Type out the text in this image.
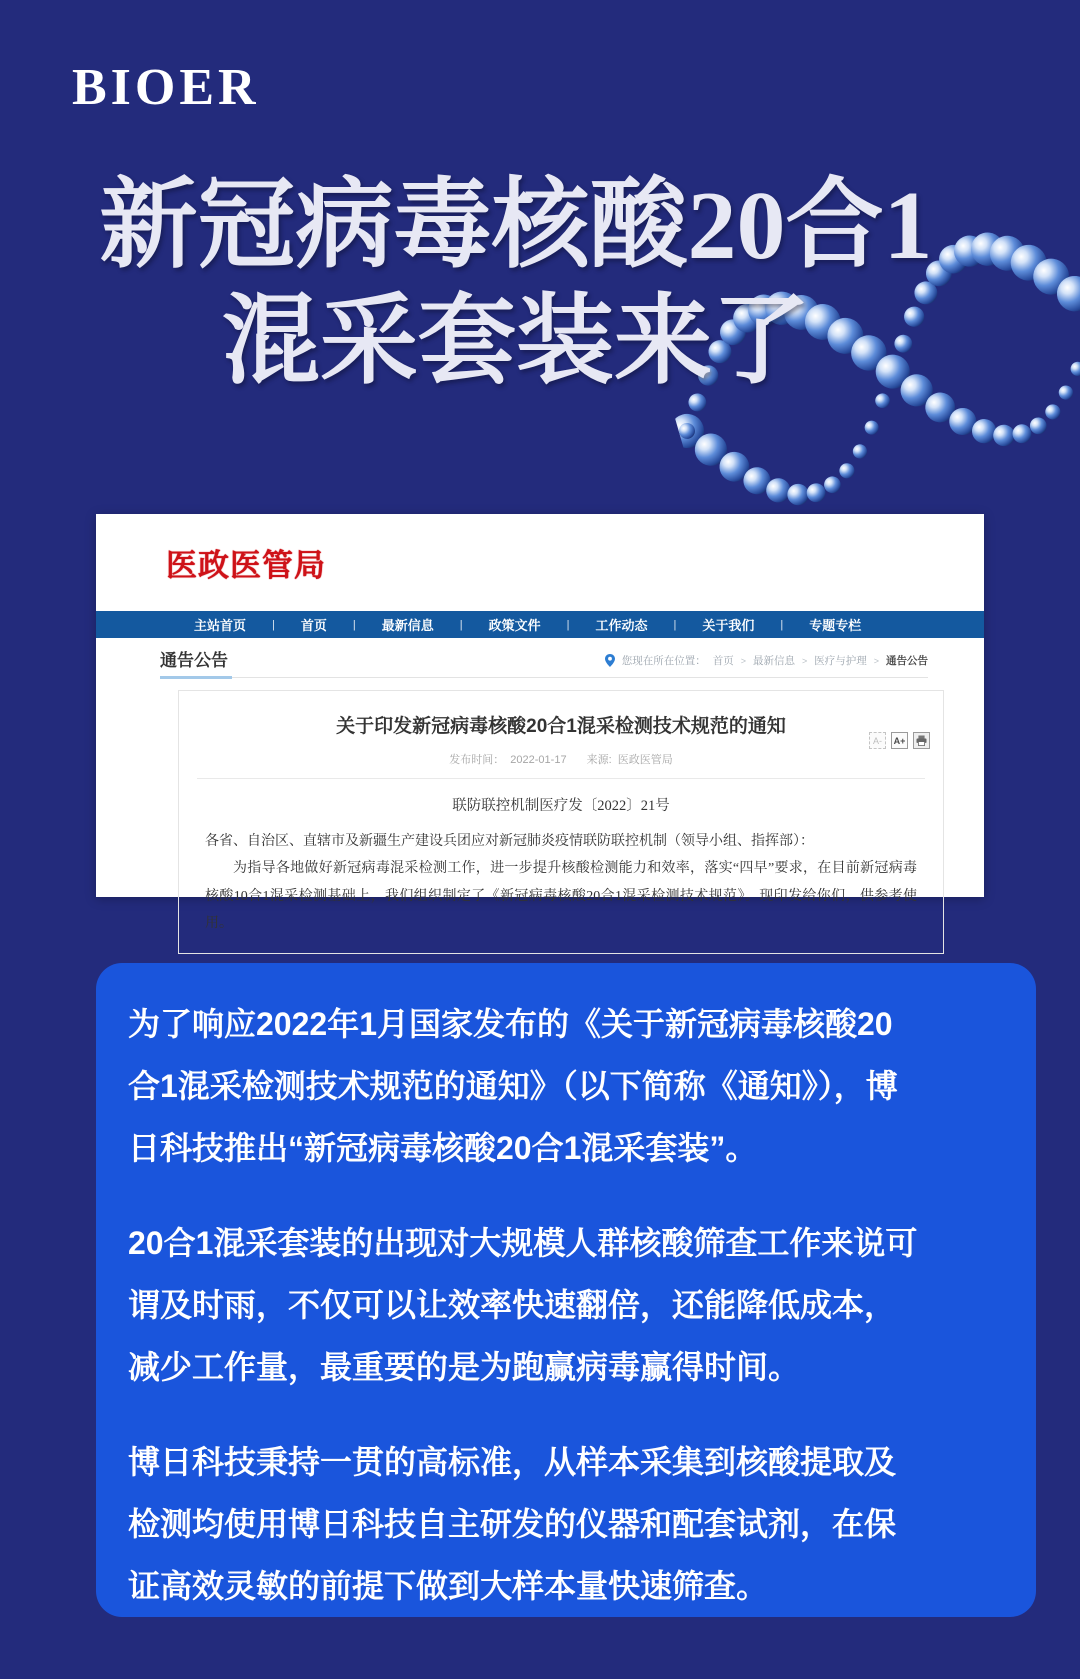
BIOER
新冠病毒核酸20合1
混采套装来了
医政医管局
主站首页 | 首页 | 最新信息 | 政策文件 | 工作动态 | 关于我们 | 专题专栏
通告公告	您现在所在位置： 首页 > 最新信息 > 医疗与护理 > 通告公告
关于印发新冠病毒核酸20合1混采检测技术规范的通知
发布时间： 2022-01-17 来源: 医政医管局
A-	A+
联防联控机制医疗发〔2022〕21号

各省、自治区、直辖市及新疆生产建设兵团应对新冠肺炎疫情联防联控机制（领导小组、指挥部）：

为指导各地做好新冠病毒混采检测工作，进一步提升核酸检测能力和效率，落实“四早”要求，在目前新冠病毒核酸10合1混采检测基础上，我们组织制定了《新冠病毒核酸20合1混采检测技术规范》。现印发给你们，供参考使用。

为了响应2022年1月国家发布的《关于新冠病毒核酸20合1混采检测技术规范的通知》（以下简称《通知》），博日科技推出“新冠病毒核酸20合1混采套装”。

20合1混采套装的出现对大规模人群核酸筛查工作来说可谓及时雨，不仅可以让效率快速翻倍，还能降低成本，减少工作量，最重要的是为跑赢病毒赢得时间。

博日科技秉持一贯的高标准，从样本采集到核酸提取及检测均使用博日科技自主研发的仪器和配套试剂，在保证高效灵敏的前提下做到大样本量快速筛查。
